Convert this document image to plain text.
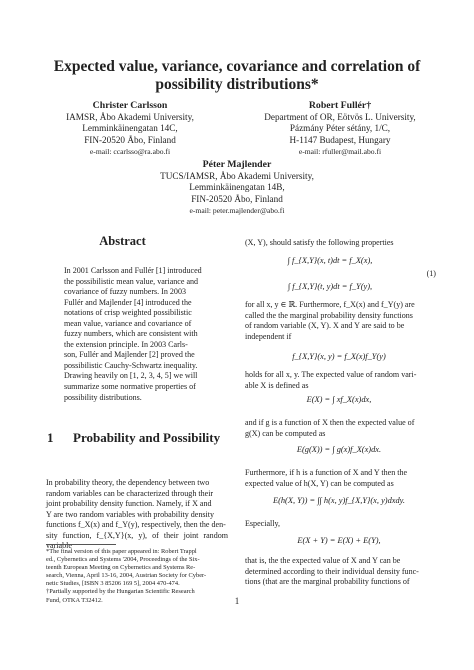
Expected value, variance, covariance and correlation of
possibility distributions*
Christer Carlsson
IAMSR, Åbo Akademi University,
Lemminkäinengatan 14C,
FIN-20520 Åbo, Finland
e-mail: ccarlsso@ra.abo.fi
Robert Fullér†
Department of OR, Eötvös L. University,
Pázmány Péter sétány, 1/C,
H-1147 Budapest, Hungary
e-mail: rfuller@mail.abo.fi
Péter Majlender
TUCS/IAMSR, Åbo Akademi University,
Lemminkäinengatan 14B,
FIN-20520 Åbo, Finland
e-mail: peter.majlender@abo.fi
Abstract
In 2001 Carlsson and Fullér [1] introduced
the possibilistic mean value, variance and
covariance of fuzzy numbers. In 2003
Fullér and Majlender [4] introduced the
notations of crisp weighted possibilistic
mean value, variance and covariance of
fuzzy numbers, which are consistent with
the extension principle. In 2003 Carls-
son, Fullér and Majlender [2] proved the
possibilistic Cauchy-Schwartz inequality.
Drawing heavily on [1, 2, 3, 4, 5] we will
summarize some normative properties of
possibility distributions.
1 Probability and Possibility
In probability theory, the dependency between two
random variables can be characterized through their
joint probability density function. Namely, if X and
Y are two random variables with probability density
functions f_X(x) and f_Y(y), respectively, then the den-
sity function, f_{X,Y}(x, y), of their joint random variable
*The final version of this paper appeared in: Robert Trappl
ed., Cybernetics and Systems '2004, Proceedings of the Six-
teenth European Meeting on Cybernetics and Systems Re-
search, Vienna, April 13-16, 2004, Austrian Society for Cyber-
netic Studies, [ISBN 3 85206 169 5], 2004 470-474.
†Partially supported by the Hungarian Scientific Research
Fund, OTKA T32412.
(X, Y), should satisfy the following properties
∫ f_{X,Y}(x, t)dt = f_X(x),
∫ f_{X,Y}(t, y)dt = f_Y(y),
(1)
for all x, y ∈ ℝ. Furthermore, f_X(x) and f_Y(y) are
called the the marginal probability density functions
of random variable (X, Y). X and Y are said to be
independent if
f_{X,Y}(x, y) = f_X(x)f_Y(y)
holds for all x, y. The expected value of random vari-
able X is defined as
E(X) = ∫ xf_X(x)dx,
and if g is a function of X then the expected value of
g(X) can be computed as
E(g(X)) = ∫ g(x)f_X(x)dx.
Furthermore, if h is a function of X and Y then the
expected value of h(X, Y) can be computed as
E(h(X, Y)) = ∫∫ h(x, y)f_{X,Y}(x, y)dxdy.
Especially,
E(X + Y) = E(X) + E(Y),
that is, the the expected value of X and Y can be
determined according to their individual density func-
tions (that are the marginal probability functions of
1
